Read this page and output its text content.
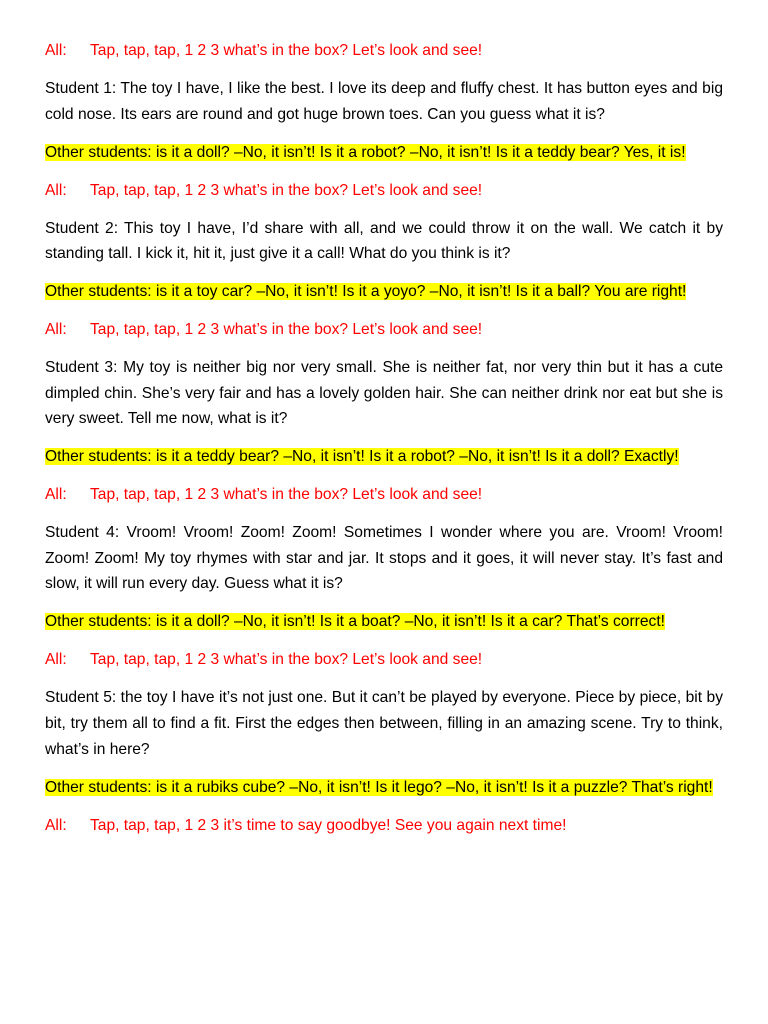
All: Tap, tap, tap, 1 2 3 what’s in the box? Let’s look and see!

Student 1: The toy I have, I like the best. I love its deep and fluffy chest. It has button eyes and big cold nose. Its ears are round and got huge brown toes. Can you guess what it is?

Other students: is it a doll? –No, it isn’t! Is it a robot? –No, it isn’t! Is it a teddy bear? Yes, it is!

All: Tap, tap, tap, 1 2 3 what’s in the box? Let’s look and see!

Student 2: This toy I have, I’d share with all, and we could throw it on the wall. We catch it by standing tall. I kick it, hit it, just give it a call! What do you think is it?

Other students: is it a toy car? –No, it isn’t! Is it a yoyo? –No, it isn’t! Is it a ball? You are right!

All: Tap, tap, tap, 1 2 3 what’s in the box? Let’s look and see!

Student 3: My toy is neither big nor very small. She is neither fat, nor very thin but it has a cute dimpled chin. She’s very fair and has a lovely golden hair. She can neither drink nor eat but she is very sweet. Tell me now, what is it?

Other students: is it a teddy bear? –No, it isn’t! Is it a robot? –No, it isn’t! Is it a doll? Exactly!

All: Tap, tap, tap, 1 2 3 what’s in the box? Let’s look and see!

Student 4: Vroom! Vroom! Zoom! Zoom! Sometimes I wonder where you are. Vroom! Vroom! Zoom! Zoom! My toy rhymes with star and jar. It stops and it goes, it will never stay. It’s fast and slow, it will run every day. Guess what it is?

Other students: is it a doll? –No, it isn’t! Is it a boat? –No, it isn’t! Is it a car? That’s correct!

All: Tap, tap, tap, 1 2 3 what’s in the box? Let’s look and see!

Student 5: the toy I have it’s not just one. But it can’t be played by everyone. Piece by piece, bit by bit, try them all to find a fit. First the edges then between, filling in an amazing scene. Try to think, what’s in here?

Other students: is it a rubiks cube? –No, it isn’t! Is it lego? –No, it isn’t! Is it a puzzle? That’s right!

All: Tap, tap, tap, 1 2 3 it’s time to say goodbye! See you again next time!
